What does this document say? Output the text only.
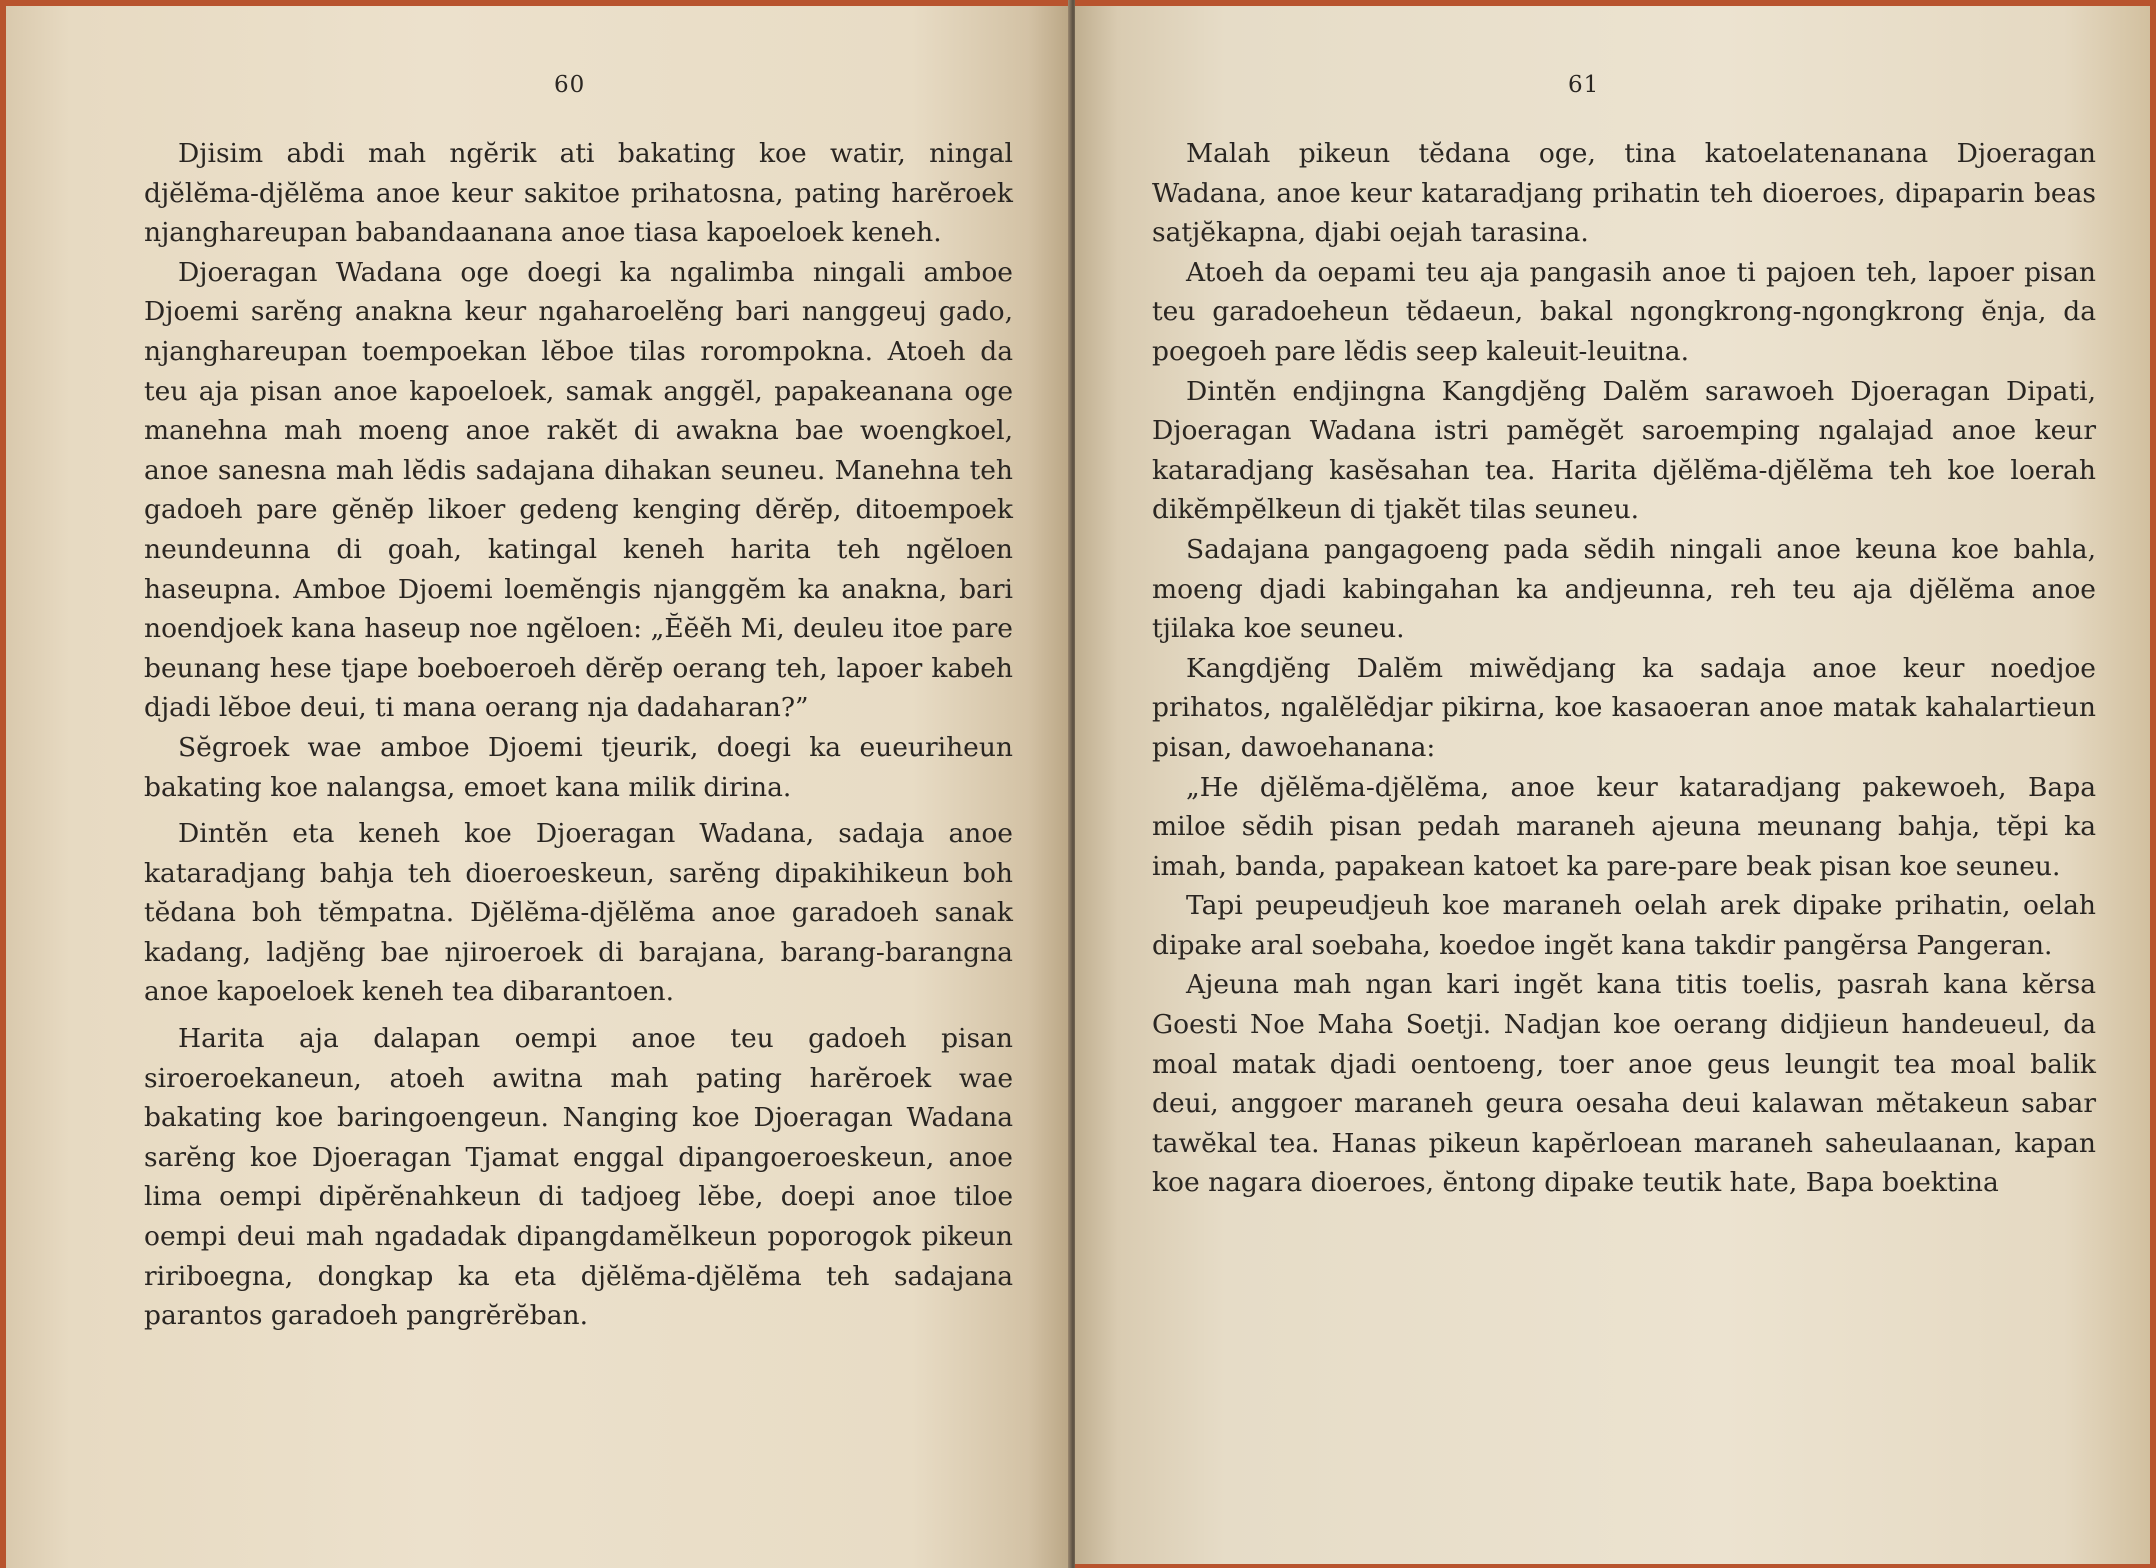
60

Djisim abdi mah ngĕrik ati bakating koe watir, ningal djĕlĕma-djĕlĕma anoe keur sakitoe prihatosna, pating harĕroek njanghareupan babandaanana anoe tiasa kapoeloek keneh.

Djoeragan Wadana oge doegi ka ngalimba ningali amboe Djoemi sarĕng anakna keur ngaharoelĕng bari nanggeuj gado, njanghareupan toempoekan lĕboe tilas rorompokna. Atoeh da teu aja pisan anoe kapoeloek, samak anggĕl, papakeanana oge manehna mah moeng anoe rakĕt di awakna bae woengkoel, anoe sanesna mah lĕdis sadajana dihakan seuneu. Manehna teh gadoeh pare gĕnĕp likoer gedeng kenging dĕrĕp, ditoempoek neundeunna di goah, katingal keneh harita teh ngĕloen haseupna. Amboe Djoemi loemĕngis njanggĕm ka anakna, bari noendjoek kana haseup noe ngĕloen: „Ĕĕĕh Mi, deuleu itoe pare beunang hese tjape boeboeroeh dĕrĕp oerang teh, lapoer kabeh djadi lĕboe deui, ti mana oerang nja dadaharan?”

Sĕgroek wae amboe Djoemi tjeurik, doegi ka eueuriheun bakating koe nalangsa, emoet kana milik dirina.

Dintĕn eta keneh koe Djoeragan Wadana, sadaja anoe kataradjang bahja teh dioeroeskeun, sarĕng dipakihikeun boh tĕdana boh tĕmpatna. Djĕlĕma-djĕlĕma anoe garadoeh sanak kadang, ladjĕng bae njiroeroek di barajana, barang-barangna anoe kapoeloek keneh tea dibarantoen.

Harita aja dalapan oempi anoe teu gadoeh pisan siroeroekaneun, atoeh awitna mah pating harĕroek wae bakating koe baringoengeun. Nanging koe Djoeragan Wadana sarĕng koe Djoeragan Tjamat enggal dipangoeroeskeun, anoe lima oempi dipĕrĕnahkeun di tadjoeg lĕbe, doepi anoe tiloe oempi deui mah ngadadak dipangdamĕlkeun poporogok pikeun ririboegna, dongkap ka eta djĕlĕma-djĕlĕma teh sadajana parantos garadoeh pangrĕrĕban.

61

Malah pikeun tĕdana oge, tina katoelatenanana Djoeragan Wadana, anoe keur kataradjang prihatin teh dioeroes, dipaparin beas satjĕkapna, djabi oejah tarasina.

Atoeh da oepami teu aja pangasih anoe ti pajoen teh, lapoer pisan teu garadoeheun tĕdaeun, bakal ngongkrong-ngongkrong ĕnja, da poegoeh pare lĕdis seep kaleuit-leuitna.

Dintĕn endjingna Kangdjĕng Dalĕm sarawoeh Djoeragan Dipati, Djoeragan Wadana istri pamĕgĕt saroemping ngalajad anoe keur kataradjang kasĕsahan tea. Harita djĕlĕma-djĕlĕma teh koe loerah dikĕmpĕlkeun di tjakĕt tilas seuneu.

Sadajana pangagoeng pada sĕdih ningali anoe keuna koe bahla, moeng djadi kabingahan ka andjeunna, reh teu aja djĕlĕma anoe tjilaka koe seuneu.

Kangdjĕng Dalĕm miwĕdjang ka sadaja anoe keur noedjoe prihatos, ngalĕlĕdjar pikirna, koe kasaoeran anoe matak kahalartieun pisan, dawoehanana:

„He djĕlĕma-djĕlĕma, anoe keur kataradjang pakewoeh, Bapa miloe sĕdih pisan pedah maraneh ajeuna meunang bahja, tĕpi ka imah, banda, papakean katoet ka pare-pare beak pisan koe seuneu.

Tapi peupeudjeuh koe maraneh oelah arek dipake prihatin, oelah dipake aral soebaha, koedoe ingĕt kana takdir pangĕrsa Pangeran.

Ajeuna mah ngan kari ingĕt kana titis toelis, pasrah kana kĕrsa Goesti Noe Maha Soetji. Nadjan koe oerang didjieun handeueul, da moal matak djadi oentoeng, toer anoe geus leungit tea moal balik deui, anggoer maraneh geura oesaha deui kalawan mĕtakeun sabar tawĕkal tea. Hanas pikeun kapĕrloean maraneh saheulaanan, kapan koe nagara dioeroes, ĕntong dipake teutik hate, Bapa boektina
